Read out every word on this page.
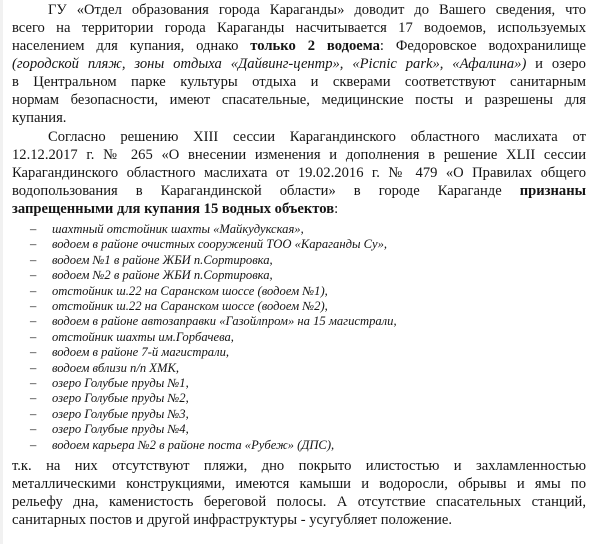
ГУ «Отдел образования города Караганды» доводит до Вашего сведения, что
всего на территории города Караганды насчитывается 17 водоемов, используемых
населением для купания, однако только 2 водоема: Федоровское водохранилище
(городской пляж, зоны отдыха «Дайвинг-центр», «Picnic park», «Афалина») и озеро
в Центральном парке культуры отдыха и скверами соответствуют санитарным
нормам безопасности, имеют спасательные, медицинские посты и разрешены для
купания.
Согласно решению XIII сессии Карагандинского областного маслихата от
12.12.2017 г. № 265 «О внесении изменения и дополнения в решение XLII сессии
Карагандинского областного маслихата от 19.02.2016 г. № 479 «О Правилах общего
водопользования в Карагандинской области» в городе Караганде признаны
запрещенными для купания 15 водных объектов:
– шахтный отстойник шахты «Майкудукская»,
– водоем в районе очистных сооружений ТОО «Караганды Су»,
– водоем №1 в районе ЖБИ п.Сортировка,
– водоем №2 в районе ЖБИ п.Сортировка,
– отстойник ш.22 на Саранском шоссе (водоем №1),
– отстойник ш.22 на Саранском шоссе (водоем №2),
– водоем в районе автозаправки «Газойлпром» на 15 магистрали,
– отстойник шахты им.Горбачева,
– водоем в районе 7-й магистрали,
– водоем вблизи п/п ХМК,
– озеро Голубые пруды №1,
– озеро Голубые пруды №2,
– озеро Голубые пруды №3,
– озеро Голубые пруды №4,
– водоем карьера №2 в районе поста «Рубеж» (ДПС),
т.к. на них отсутствуют пляжи, дно покрыто илистостью и захламленностью
металлическими конструкциями, имеются камыши и водоросли, обрывы и ямы по
рельефу дна, каменистость береговой полосы. А отсутствие спасательных станций,
санитарных постов и другой инфраструктуры - усугубляет положение.
